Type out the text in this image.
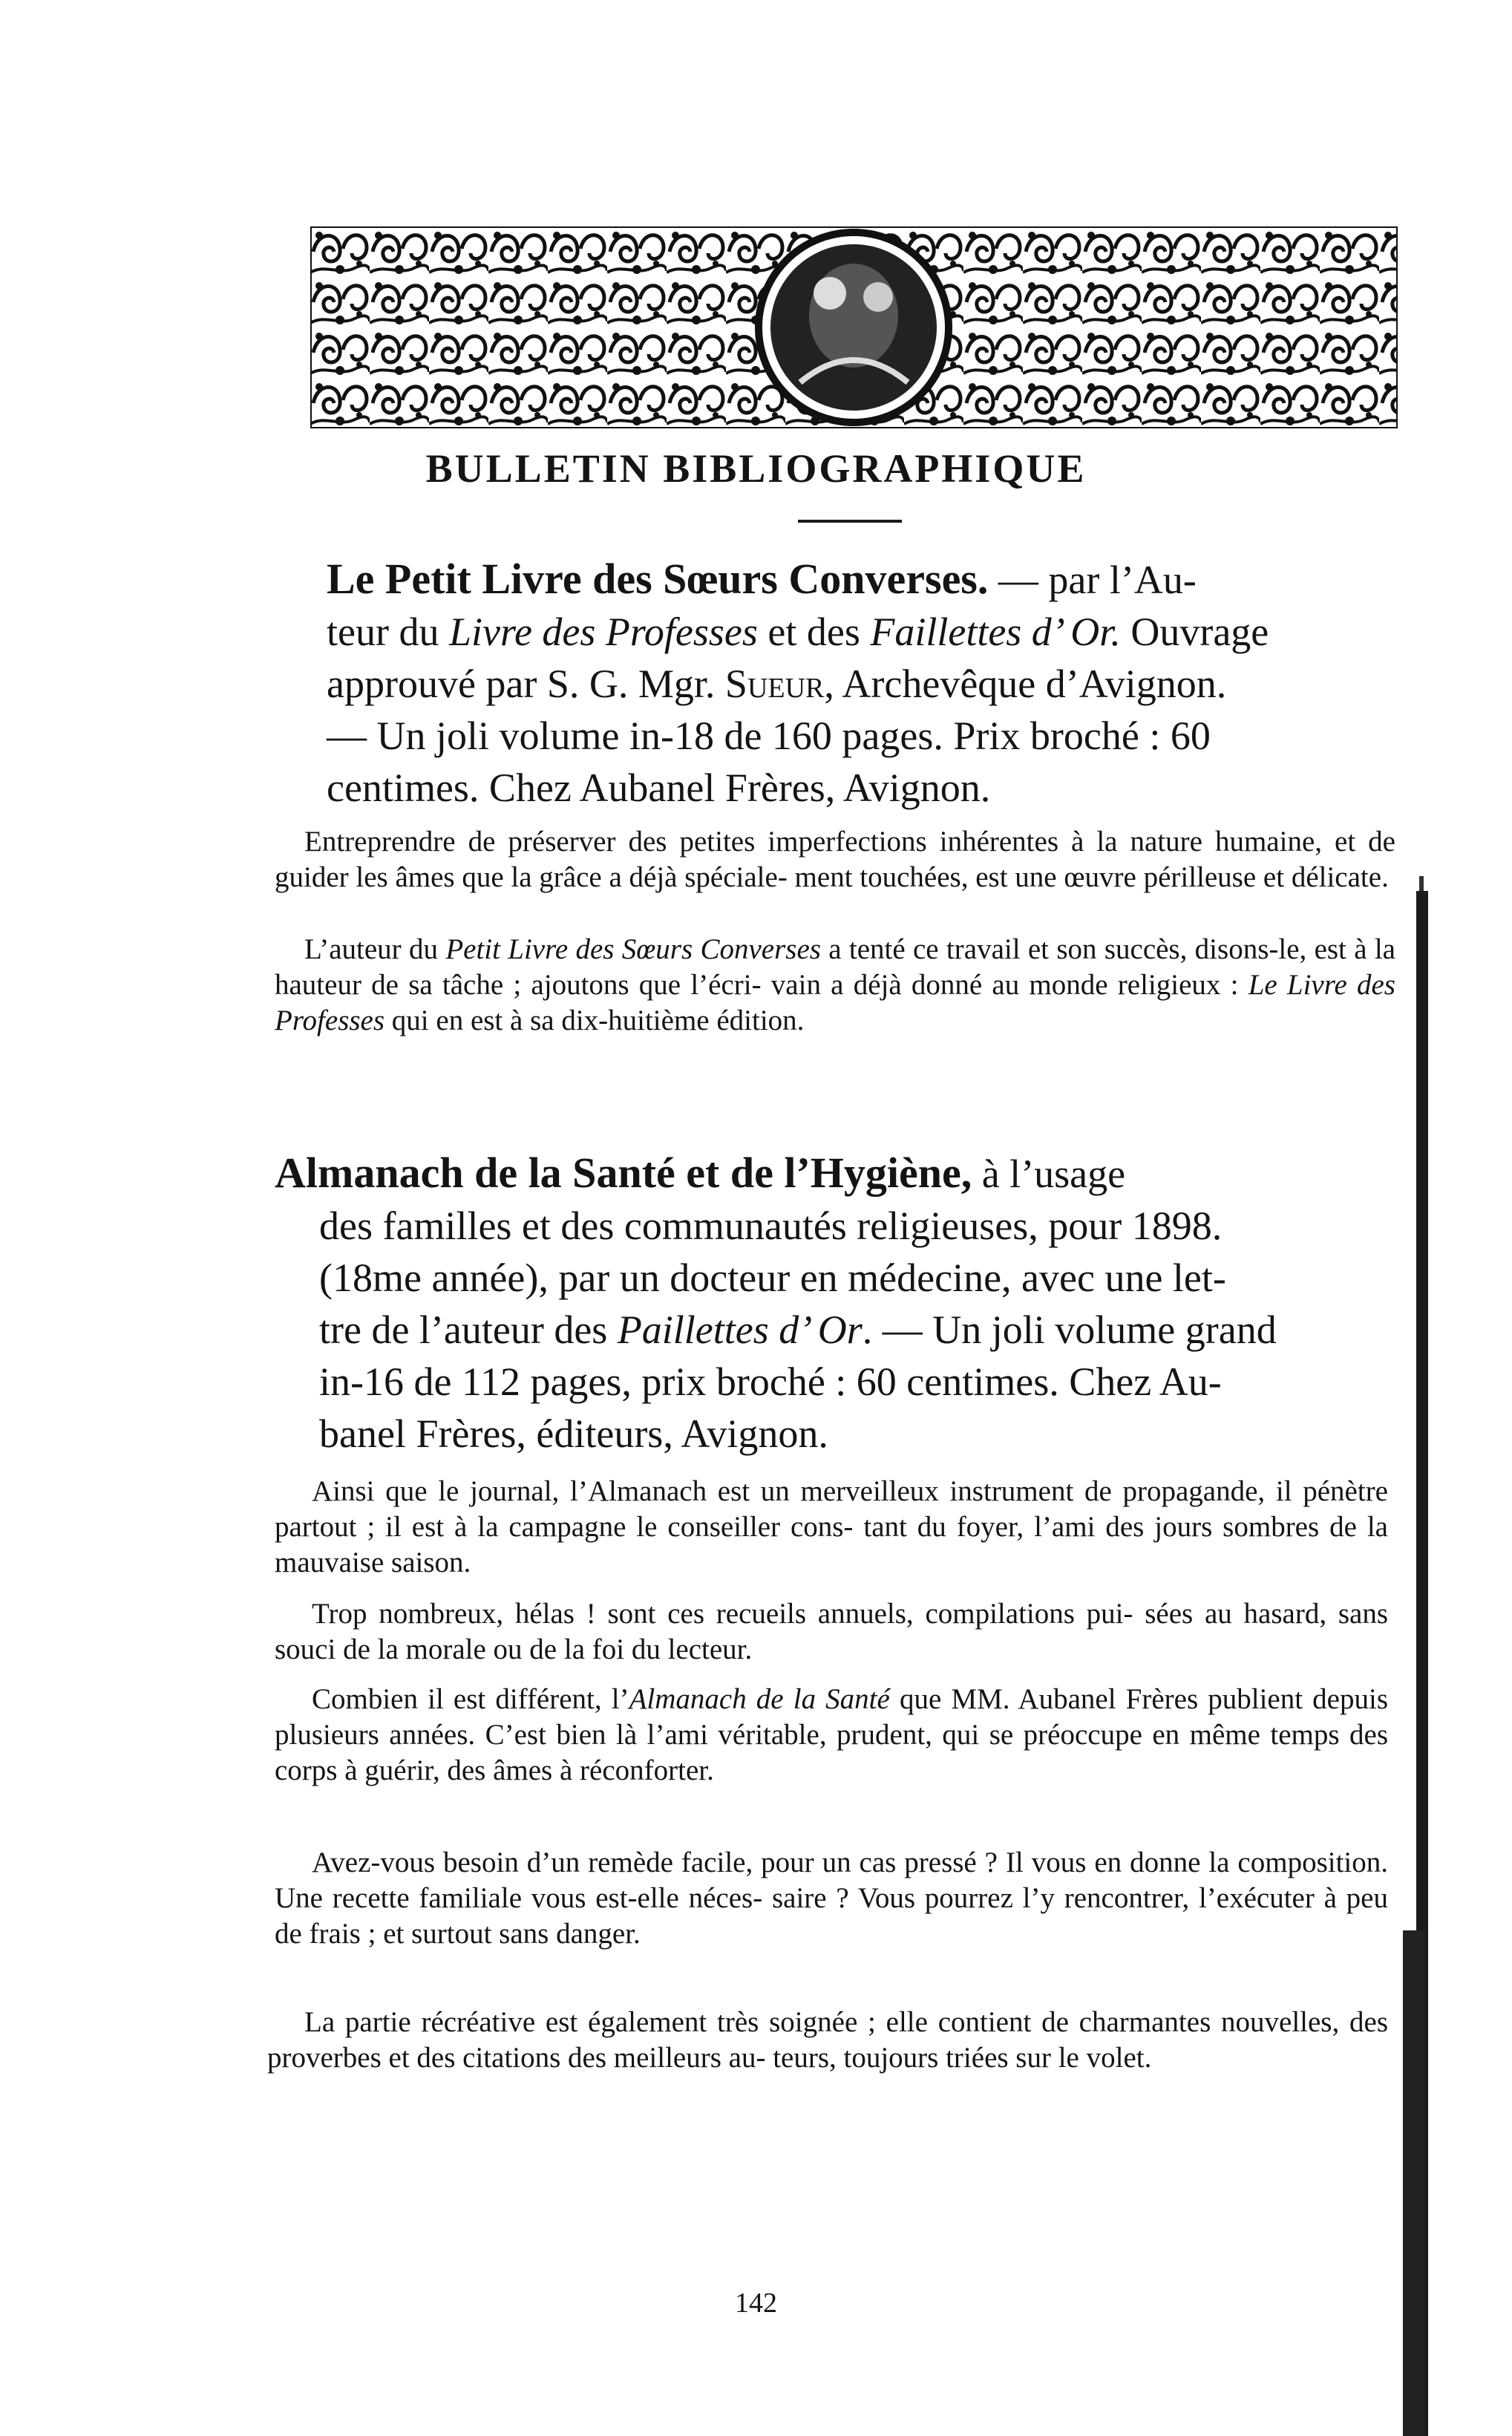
BULLETIN BIBLIOGRAPHIQUE
Le Petit Livre des Sœurs Converses. — par l’Au-
teur du Livre des Professes et des Faillettes d’ Or. Ouvrage
approuvé par S. G. Mgr. Sueur, Archevêque d’Avignon.
— Un joli volume in-18 de 160 pages. Prix broché : 60
centimes. Chez Aubanel Frères, Avignon.
Entreprendre de préserver des petites imperfections inhérentes à la nature humaine, et de guider les âmes que la grâce a déjà spéciale- ment touchées, est une œuvre périlleuse et délicate.
L’auteur du Petit Livre des Sœurs Converses a tenté ce travail et son succès, disons-le, est à la hauteur de sa tâche ; ajoutons que l’écri- vain a déjà donné au monde religieux : Le Livre des Professes qui en est à sa dix-huitième édition.
Almanach de la Santé et de l’Hygiène, à l’usage
des familles et des communautés religieuses, pour 1898.
(18me année), par un docteur en médecine, avec une let-
tre de l’auteur des Paillettes d’ Or. — Un joli volume grand
in-16 de 112 pages, prix broché : 60 centimes. Chez Au-
banel Frères, éditeurs, Avignon.
Ainsi que le journal, l’Almanach est un merveilleux instrument de propagande, il pénètre partout ; il est à la campagne le conseiller cons- tant du foyer, l’ami des jours sombres de la mauvaise saison.
Trop nombreux, hélas ! sont ces recueils annuels, compilations pui- sées au hasard, sans souci de la morale ou de la foi du lecteur.
Combien il est différent, l’Almanach de la Santé que MM. Aubanel Frères publient depuis plusieurs années. C’est bien là l’ami véritable, prudent, qui se préoccupe en même temps des corps à guérir, des âmes à réconforter.
Avez-vous besoin d’un remède facile, pour un cas pressé ? Il vous en donne la composition. Une recette familiale vous est-elle néces- saire ? Vous pourrez l’y rencontrer, l’exécuter à peu de frais ; et surtout sans danger.
La partie récréative est également très soignée ; elle contient de charmantes nouvelles, des proverbes et des citations des meilleurs au- teurs, toujours triées sur le volet.
142
